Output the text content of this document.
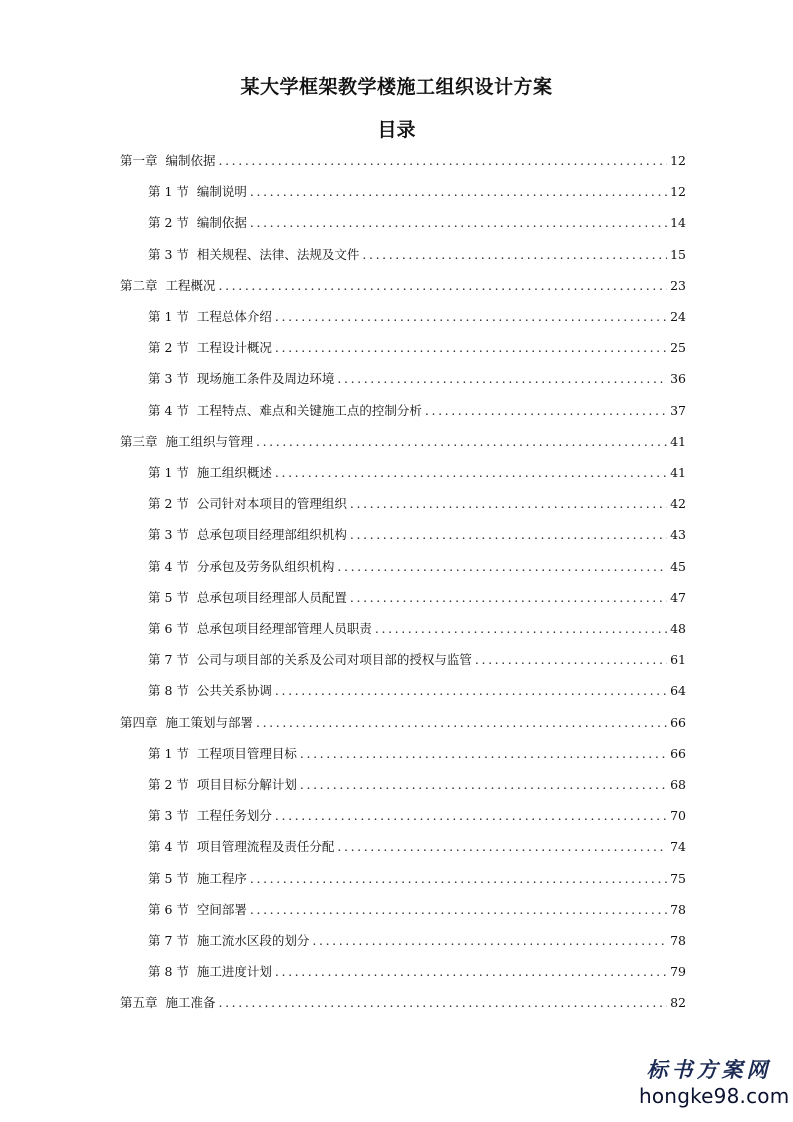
某大学框架教学楼施工组织设计方案
目录
第一章 编制依据 .....	12
第 1 节 编制说明 .....	12
第 2 节 编制依据 .....	14
第 3 节 相关规程、法律、法规及文件 .....	15
第二章 工程概况 .....	23
第 1 节 工程总体介绍 .....	24
第 2 节 工程设计概况 .....	25
第 3 节 现场施工条件及周边环境 .....	36
第 4 节 工程特点、难点和关键施工点的控制分析 .....	37
第三章 施工组织与管理 .....	41
第 1 节 施工组织概述 .....	41
第 2 节 公司针对本项目的管理组织 .....	42
第 3 节 总承包项目经理部组织机构 .....	43
第 4 节 分承包及劳务队组织机构 .....	45
第 5 节 总承包项目经理部人员配置 .....	47
第 6 节 总承包项目经理部管理人员职责 .....	48
第 7 节 公司与项目部的关系及公司对项目部的授权与监管 .....	61
第 8 节 公共关系协调 .....	64
第四章 施工策划与部署 .....	66
第 1 节 工程项目管理目标 .....	66
第 2 节 项目目标分解计划 .....	68
第 3 节 工程任务划分 .....	70
第 4 节 项目管理流程及责任分配 .....	74
第 5 节 施工程序 .....	75
第 6 节 空间部署 .....	78
第 7 节 施工流水区段的划分 .....	78
第 8 节 施工进度计划 .....	79
第五章 施工准备 .....	82
标书方案网
hongke98.com
